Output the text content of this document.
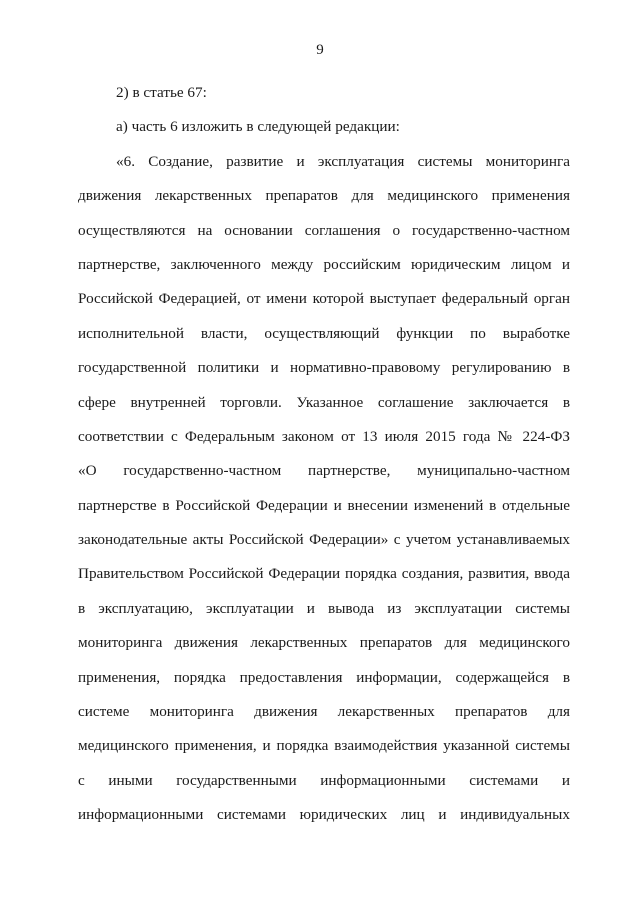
9
2) в статье 67:
а) часть 6 изложить в следующей редакции:
«6. Создание, развитие и эксплуатация системы мониторинга
движения лекарственных препаратов для медицинского применения
осуществляются на основании соглашения о государственно-частном
партнерстве, заключенного между российским юридическим лицом и
Российской Федерацией, от имени которой выступает федеральный орган
исполнительной власти, осуществляющий функции по выработке
государственной политики и нормативно-правовому регулированию в
сфере внутренней торговли. Указанное соглашение заключается в
соответствии с Федеральным законом от 13 июля 2015 года № 224-ФЗ
«О государственно-частном партнерстве, муниципально-частном
партнерстве в Российской Федерации и внесении изменений в отдельные
законодательные акты Российской Федерации» с учетом устанавливаемых
Правительством Российской Федерации порядка создания, развития, ввода
в эксплуатацию, эксплуатации и вывода из эксплуатации системы
мониторинга движения лекарственных препаратов для медицинского
применения, порядка предоставления информации, содержащейся в
системе мониторинга движения лекарственных препаратов для
медицинского применения, и порядка взаимодействия указанной системы
с иными государственными информационными системами и
информационными системами юридических лиц и индивидуальных
